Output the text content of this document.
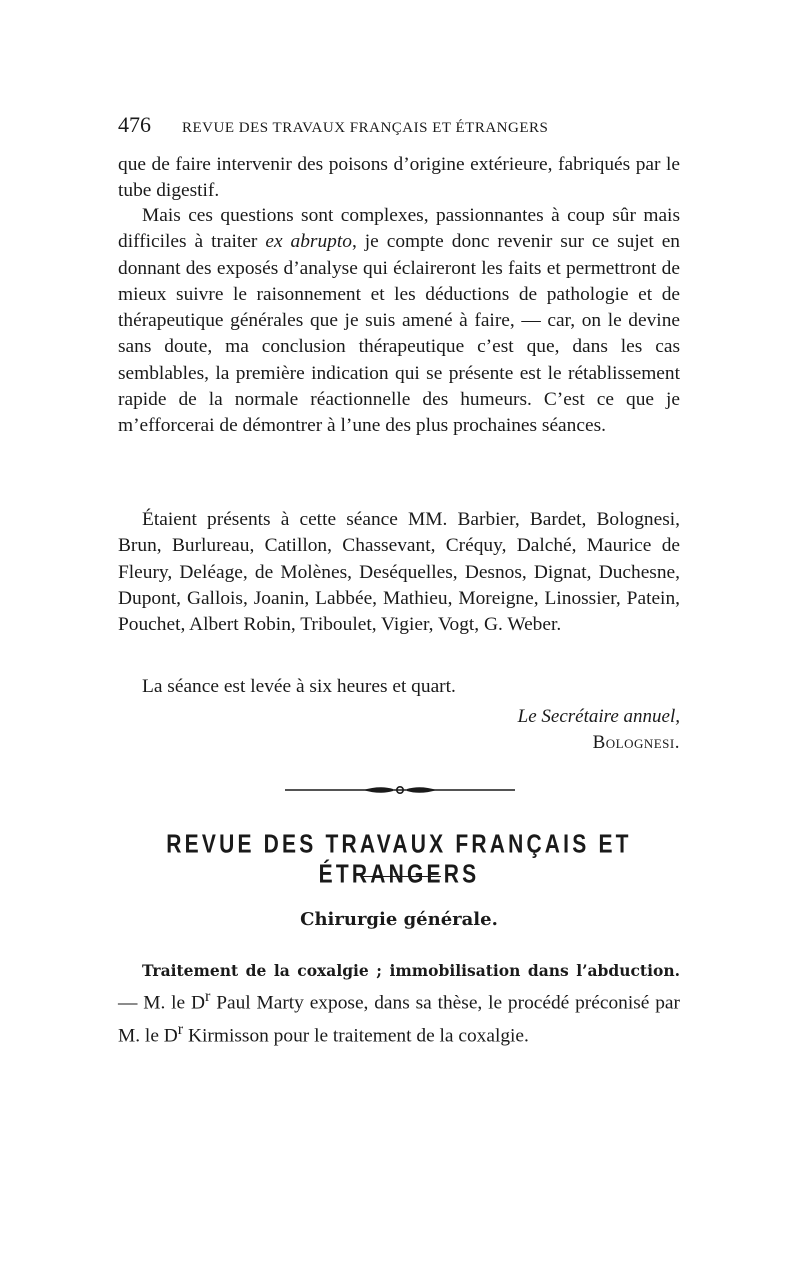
476 REVUE DES TRAVAUX FRANÇAIS ET ÉTRANGERS

que de faire intervenir des poisons d’origine extérieure, fabriqués par le tube digestif.

Mais ces questions sont complexes, passionnantes à coup sûr mais difficiles à traiter ex abrupto, je compte donc revenir sur ce sujet en donnant des exposés d’analyse qui éclaireront les faits et permettront de mieux suivre le raisonnement et les déductions de pathologie et de thérapeutique générales que je suis amené à faire, — car, on le devine sans doute, ma conclusion thérapeutique c’est que, dans les cas semblables, la première indication qui se présente est le rétablissement rapide de la normale réactionnelle des humeurs. C’est ce que je m’efforcerai de démontrer à l’une des plus prochaines séances.

Étaient présents à cette séance MM. Barbier, Bardet, Bolognesi, Brun, Burlureau, Catillon, Chassevant, Créquy, Dalché, Maurice de Fleury, Deléage, de Molènes, Deséquelles, Desnos, Dignat, Duchesne, Dupont, Gallois, Joanin, Labbée, Mathieu, Moreigne, Linossier, Patein, Pouchet, Albert Robin, Triboulet, Vigier, Vogt, G. Weber.

La séance est levée à six heures et quart.

Le Secrétaire annuel,
Bolognesi.
REVUE DES TRAVAUX FRANÇAIS ET ÉTRANGERS
Chirurgie générale.

Traitement de la coxalgie ; immobilisation dans l’abduction. — M. le $D^r$ Paul Marty expose, dans sa thèse, le procédé préconisé par M. le $D^r$ Kirmisson pour le traitement de la coxalgie.
